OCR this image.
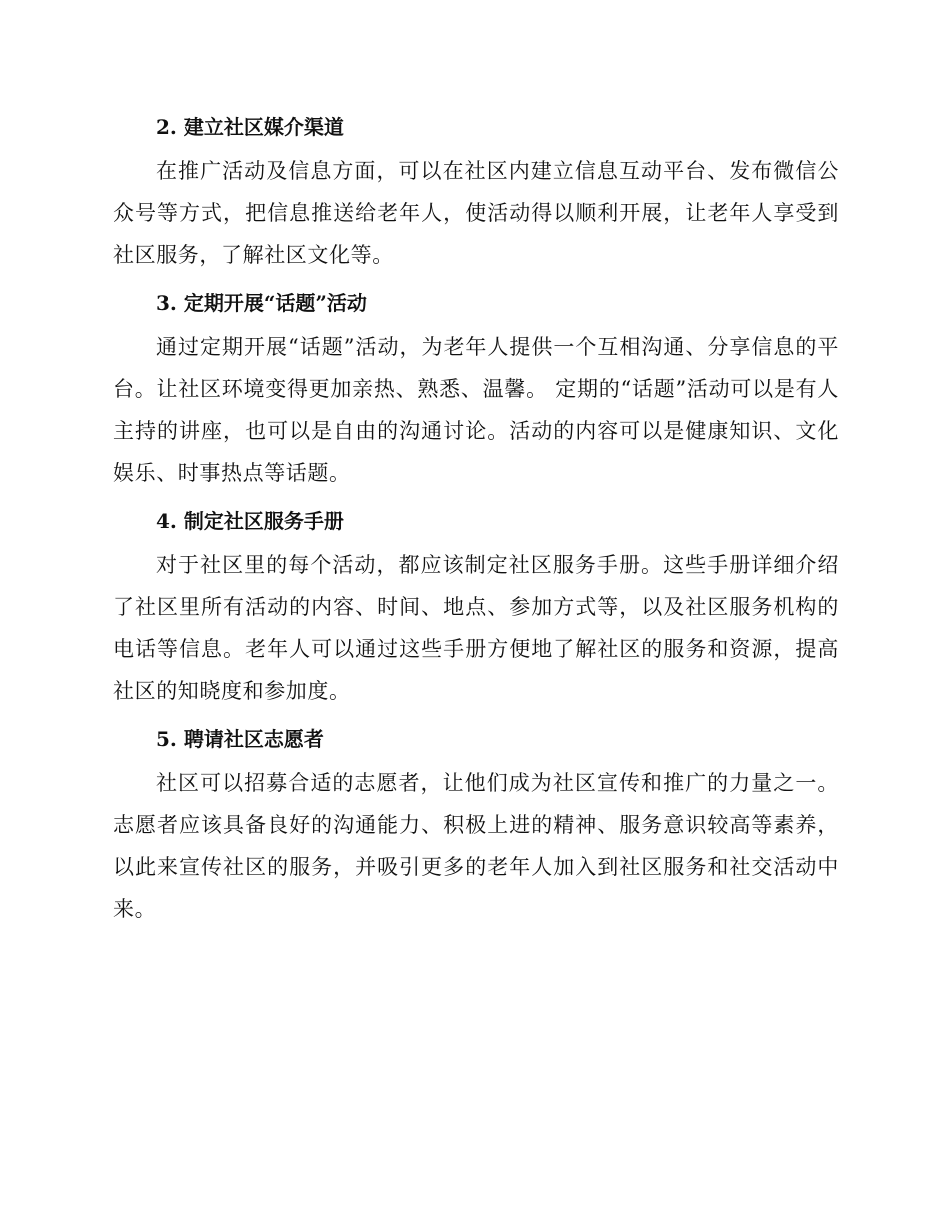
2. 建立社区媒介渠道

在推广活动及信息方面，可以在社区内建立信息互动平台、发布微信公众号等方式，把信息推送给老年人，使活动得以顺利开展，让老年人享受到社区服务，了解社区文化等。

3. 定期开展“话题”活动

通过定期开展“话题”活动，为老年人提供一个互相沟通、分享信息的平台。让社区环境变得更加亲热、熟悉、温馨。 定期的“话题”活动可以是有人主持的讲座，也可以是自由的沟通讨论。活动的内容可以是健康知识、文化娱乐、时事热点等话题。

4. 制定社区服务手册

对于社区里的每个活动，都应该制定社区服务手册。这些手册详细介绍了社区里所有活动的内容、时间、地点、参加方式等，以及社区服务机构的电话等信息。老年人可以通过这些手册方便地了解社区的服务和资源，提高社区的知晓度和参加度。

5. 聘请社区志愿者

社区可以招募合适的志愿者，让他们成为社区宣传和推广的力量之一。志愿者应该具备良好的沟通能力、积极上进的精神、服务意识较高等素养，以此来宣传社区的服务，并吸引更多的老年人加入到社区服务和社交活动中来。
